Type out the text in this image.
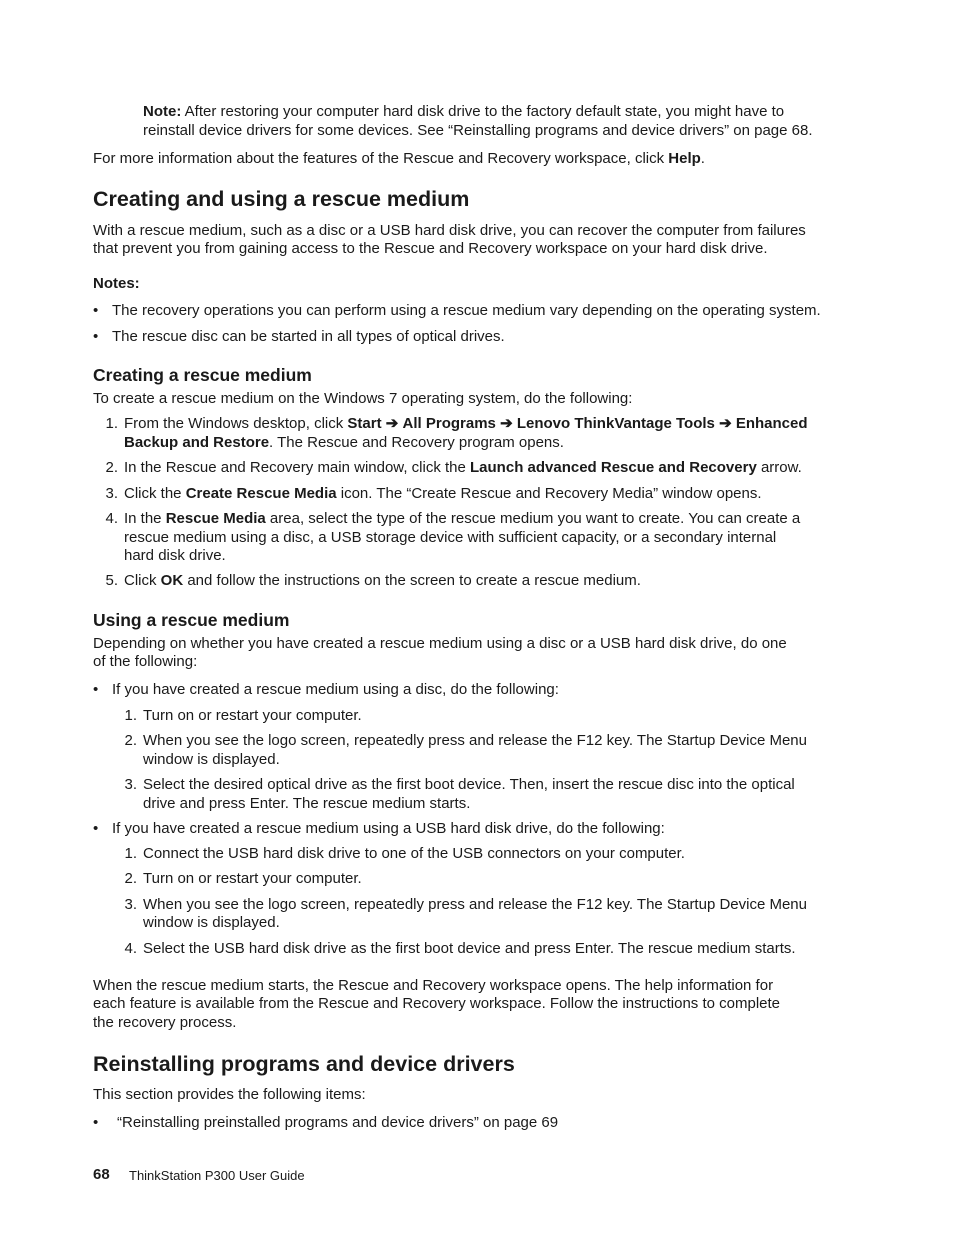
Note: After restoring your computer hard disk drive to the factory default state, you might have to

reinstall device drivers for some devices. See “Reinstalling programs and device drivers” on page 68.

For more information about the features of the Rescue and Recovery workspace, click Help.

Creating and using a rescue medium

With a rescue medium, such as a disc or a USB hard disk drive, you can recover the computer from failures

that prevent you from gaining access to the Rescue and Recovery workspace on your hard disk drive.

Notes:

• The recovery operations you can perform using a rescue medium vary depending on the operating system.

• The rescue disc can be started in all types of optical drives.

Creating a rescue medium

To create a rescue medium on the Windows 7 operating system, do the following:

1. From the Windows desktop, click Start ➔ All Programs ➔ Lenovo ThinkVantage Tools ➔ Enhanced

Backup and Restore. The Rescue and Recovery program opens.

2. In the Rescue and Recovery main window, click the Launch advanced Rescue and Recovery arrow.

3. Click the Create Rescue Media icon. The “Create Rescue and Recovery Media” window opens.

4. In the Rescue Media area, select the type of the rescue medium you want to create. You can create a

rescue medium using a disc, a USB storage device with sufficient capacity, or a secondary internal

hard disk drive.

5. Click OK and follow the instructions on the screen to create a rescue medium.

Using a rescue medium

Depending on whether you have created a rescue medium using a disc or a USB hard disk drive, do one

of the following:

• If you have created a rescue medium using a disc, do the following:

1. Turn on or restart your computer.

2. When you see the logo screen, repeatedly press and release the F12 key. The Startup Device Menu

window is displayed.

3. Select the desired optical drive as the first boot device. Then, insert the rescue disc into the optical

drive and press Enter. The rescue medium starts.

• If you have created a rescue medium using a USB hard disk drive, do the following:

1. Connect the USB hard disk drive to one of the USB connectors on your computer.

2. Turn on or restart your computer.

3. When you see the logo screen, repeatedly press and release the F12 key. The Startup Device Menu

window is displayed.

4. Select the USB hard disk drive as the first boot device and press Enter. The rescue medium starts.

When the rescue medium starts, the Rescue and Recovery workspace opens. The help information for

each feature is available from the Rescue and Recovery workspace. Follow the instructions to complete

the recovery process.

Reinstalling programs and device drivers

This section provides the following items:

• “Reinstalling preinstalled programs and device drivers” on page 69

68 ThinkStation P300 User Guide
